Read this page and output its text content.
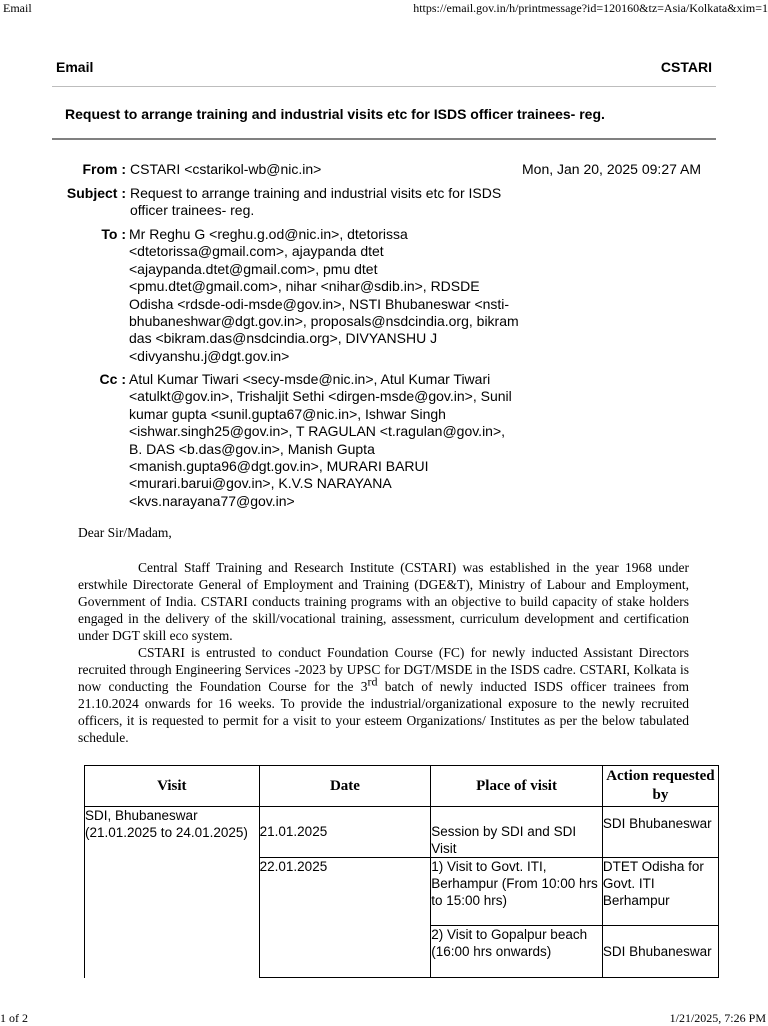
Email	https://email.gov.in/h/printmessage?id=120160&tz=Asia/Kolkata&xim=1
Email	CSTARI
Request to arrange training and industrial visits etc for ISDS officer trainees- reg.
From : CSTARI <cstarikol-wb@nic.in>	Mon, Jan 20, 2025 09:27 AM
Subject : Request to arrange training and industrial visits etc for ISDS officer trainees- reg.
To : Mr Reghu G <reghu.g.od@nic.in>, dtetorissa <dtetorissa@gmail.com>, ajaypanda dtet <ajaypanda.dtet@gmail.com>, pmu dtet <pmu.dtet@gmail.com>, nihar <nihar@sdib.in>, RDSDE Odisha <rdsde-odi-msde@gov.in>, NSTI Bhubaneswar <nsti-bhubaneshwar@dgt.gov.in>, proposals@nsdcindia.org, bikram das <bikram.das@nsdcindia.org>, DIVYANSHU J <divyanshu.j@dgt.gov.in>
Cc : Atul Kumar Tiwari <secy-msde@nic.in>, Atul Kumar Tiwari <atulkt@gov.in>, Trishaljit Sethi <dirgen-msde@gov.in>, Sunil kumar gupta <sunil.gupta67@nic.in>, Ishwar Singh <ishwar.singh25@gov.in>, T RAGULAN <t.ragulan@gov.in>, B. DAS <b.das@gov.in>, Manish Gupta <manish.gupta96@dgt.gov.in>, MURARI BARUI <murari.barui@gov.in>, K.V.S NARAYANA <kvs.narayana77@gov.in>

Dear Sir/Madam,

Central Staff Training and Research Institute (CSTARI) was established in the year 1968 under erstwhile Directorate General of Employment and Training (DGE&T), Ministry of Labour and Employment, Government of India. CSTARI conducts training programs with an objective to build capacity of stake holders engaged in the delivery of the skill/vocational training, assessment, curriculum development and certification under DGT skill eco system.

CSTARI is entrusted to conduct Foundation Course (FC) for newly inducted Assistant Directors recruited through Engineering Services -2023 by UPSC for DGT/MSDE in the ISDS cadre. CSTARI, Kolkata is now conducting the Foundation Course for the 3rd batch of newly inducted ISDS officer trainees from 21.10.2024 onwards for 16 weeks. To provide the industrial/organizational exposure to the newly recruited officers, it is requested to permit for a visit to your esteem Organizations/ Institutes as per the below tabulated schedule.

Visit	Date	Place of visit	Action requested by
SDI, Bhubaneswar (21.01.2025 to 24.01.2025)	21.01.2025	Session by SDI and SDI Visit	SDI Bhubaneswar
	22.01.2025	1) Visit to Govt. ITI, Berhampur (From 10:00 hrs to 15:00 hrs)	DTET Odisha for Govt. ITI Berhampur
		2) Visit to Gopalpur beach (16:00 hrs onwards)	SDI Bhubaneswar
1 of 2	1/21/2025, 7:26 PM
